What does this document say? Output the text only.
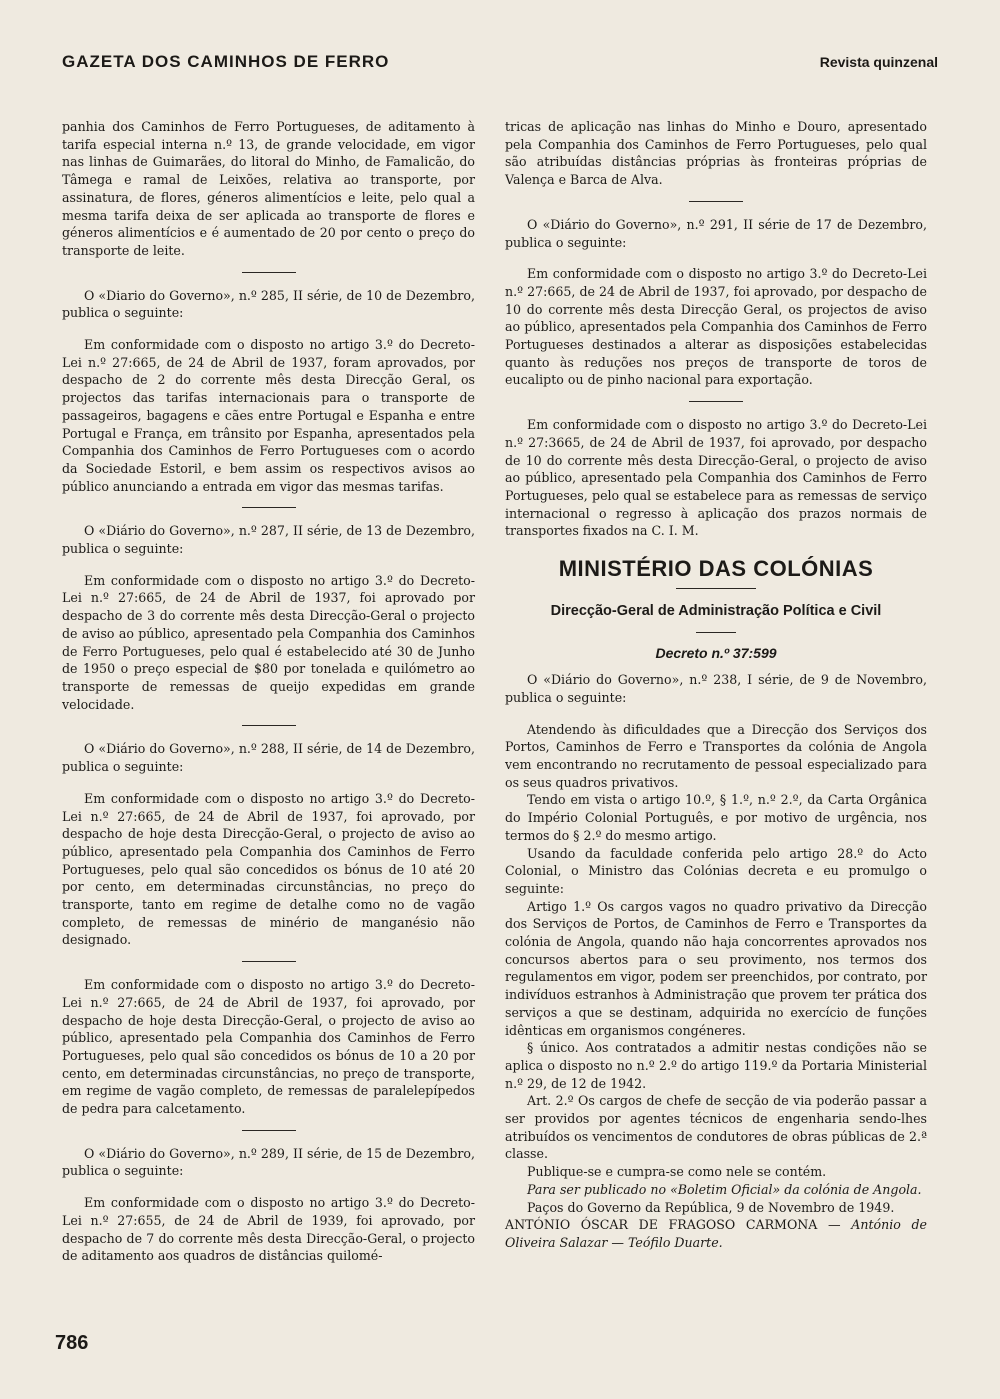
GAZETA DOS CAMINHOS DE FERRO	Revista quinzenal

panhia dos Caminhos de Ferro Portugueses, de aditamento à tarifa especial interna n.º 13, de grande velocidade, em vigor nas linhas de Guimarães, do litoral do Minho, de Famalicão, do Tâmega e ramal de Leixões, relativa ao transporte, por assinatura, de flores, géneros alimentícios e leite, pelo qual a mesma tarifa deixa de ser aplicada ao transporte de flores e géneros alimentícios e é aumentado de 20 por cento o preço do transporte de leite.

O «Diario do Governo», n.º 285, II série, de 10 de Dezembro, publica o seguinte:

Em conformidade com o disposto no artigo 3.º do Decreto-Lei n.º 27:665, de 24 de Abril de 1937, foram aprovados, por despacho de 2 do corrente mês desta Direcção Geral, os projectos das tarifas internacionais para o transporte de passageiros, bagagens e cães entre Portugal e Espanha e entre Portugal e França, em trânsito por Espanha, apresentados pela Companhia dos Caminhos de Ferro Portugueses com o acordo da Sociedade Estoril, e bem assim os respectivos avisos ao público anunciando a entrada em vigor das mesmas tarifas.

O «Diário do Governo», n.º 287, II série, de 13 de Dezembro, publica o seguinte:

Em conformidade com o disposto no artigo 3.º do Decreto-Lei n.º 27:665, de 24 de Abril de 1937, foi aprovado por despacho de 3 do corrente mês desta Direcção-Geral o projecto de aviso ao público, apresentado pela Companhia dos Caminhos de Ferro Portugueses, pelo qual é estabelecido até 30 de Junho de 1950 o preço especial de $80 por tonelada e quilómetro ao transporte de remessas de queijo expedidas em grande velocidade.

O «Diário do Governo», n.º 288, II série, de 14 de Dezembro, publica o seguinte:

Em conformidade com o disposto no artigo 3.º do Decreto-Lei n.º 27:665, de 24 de Abril de 1937, foi aprovado, por despacho de hoje desta Direcção-Geral, o projecto de aviso ao público, apresentado pela Companhia dos Caminhos de Ferro Portugueses, pelo qual são concedidos os bónus de 10 até 20 por cento, em determinadas circunstâncias, no preço do transporte, tanto em regime de detalhe como no de vagão completo, de remessas de minério de manganésio não designado.

Em conformidade com o disposto no artigo 3.º do Decreto-Lei n.º 27:665, de 24 de Abril de 1937, foi aprovado, por despacho de hoje desta Direcção-Geral, o projecto de aviso ao público, apresentado pela Companhia dos Caminhos de Ferro Portugueses, pelo qual são concedidos os bónus de 10 a 20 por cento, em determinadas circunstâncias, no preço de transporte, em regime de vagão completo, de remessas de paralelepípedos de pedra para calcetamento.

O «Diário do Governo», n.º 289, II série, de 15 de Dezembro, publica o seguinte:

Em conformidade com o disposto no artigo 3.º do Decreto-Lei n.º 27:655, de 24 de Abril de 1939, foi aprovado, por despacho de 7 do corrente mês desta Direcção-Geral, o projecto de aditamento aos quadros de distâncias quilomé-

tricas de aplicação nas linhas do Minho e Douro, apresentado pela Companhia dos Caminhos de Ferro Portugueses, pelo qual são atribuídas distâncias próprias às fronteiras próprias de Valença e Barca de Alva.

O «Diário do Governo», n.º 291, II série de 17 de Dezembro, publica o seguinte:

Em conformidade com o disposto no artigo 3.º do Decreto-Lei n.º 27:665, de 24 de Abril de 1937, foi aprovado, por despacho de 10 do corrente mês desta Direcção Geral, os projectos de aviso ao público, apresentados pela Companhia dos Caminhos de Ferro Portugueses destinados a alterar as disposições estabelecidas quanto às reduções nos preços de transporte de toros de eucalipto ou de pinho nacional para exportação.

Em conformidade com o disposto no artigo 3.º do Decreto-Lei n.º 27:3665, de 24 de Abril de 1937, foi aprovado, por despacho de 10 do corrente mês desta Direcção-Geral, o projecto de aviso ao público, apresentado pela Companhia dos Caminhos de Ferro Portugueses, pelo qual se estabelece para as remessas de serviço internacional o regresso à aplicação dos prazos normais de transportes fixados na C. I. M.

MINISTÉRIO DAS COLÓNIAS
Direcção-Geral de Administração Política e Civil
Decreto n.º 37:599

O «Diário do Governo», n.º 238, I série, de 9 de Novembro, publica o seguinte:

Atendendo às dificuldades que a Direcção dos Serviços dos Portos, Caminhos de Ferro e Transportes da colónia de Angola vem encontrando no recrutamento de pessoal especializado para os seus quadros privativos.

Tendo em vista o artigo 10.º, § 1.º, n.º 2.º, da Carta Orgânica do Império Colonial Português, e por motivo de urgência, nos termos do § 2.º do mesmo artigo.

Usando da faculdade conferida pelo artigo 28.º do Acto Colonial, o Ministro das Colónias decreta e eu promulgo o seguinte:

Artigo 1.º Os cargos vagos no quadro privativo da Direcção dos Serviços de Portos, de Caminhos de Ferro e Transportes da colónia de Angola, quando não haja concorrentes aprovados nos concursos abertos para o seu provimento, nos termos dos regulamentos em vigor, podem ser preenchidos, por contrato, por indivíduos estranhos à Administração que provem ter prática dos serviços a que se destinam, adquirida no exercício de funções idênticas em organismos congéneres.

§ único. Aos contratados a admitir nestas condições não se aplica o disposto no n.º 2.º do artigo 119.º da Portaria Ministerial n.º 29, de 12 de 1942.

Art. 2.º Os cargos de chefe de secção de via poderão passar a ser providos por agentes técnicos de engenharia sendo-lhes atribuídos os vencimentos de condutores de obras públicas de 2.ª classe.

Publique-se e cumpra-se como nele se contém.

Para ser publicado no «Boletim Oficial» da colónia de Angola.

Paços do Governo da República, 9 de Novembro de 1949.

ANTÓNIO ÓSCAR DE FRAGOSO CARMONA — António de Oliveira Salazar — Teófilo Duarte.

786
